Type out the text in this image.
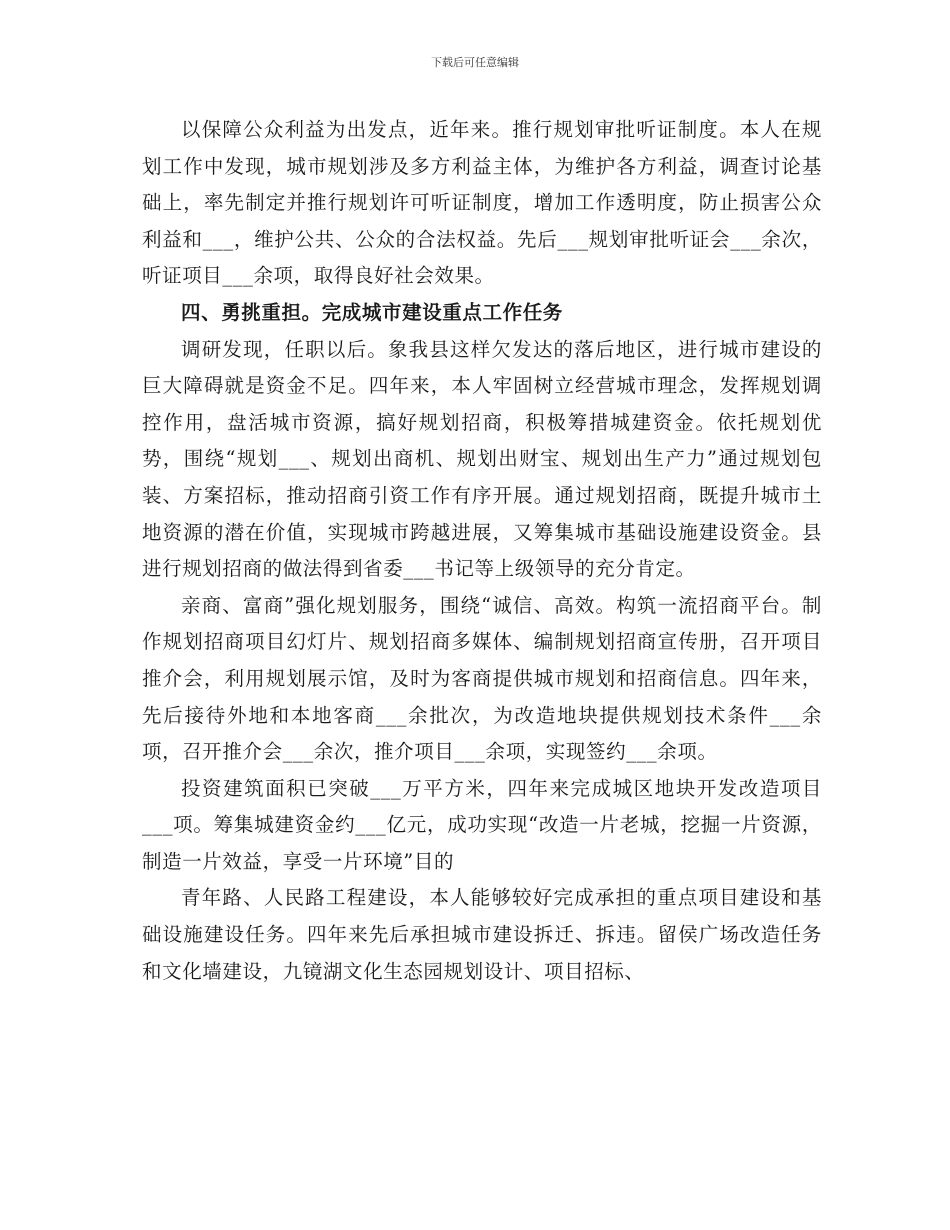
下载后可任意编辑

以保障公众利益为出发点，近年来。推行规划审批听证制度。本人在规划工作中发现，城市规划涉及多方利益主体，为维护各方利益，调查讨论基础上，率先制定并推行规划许可听证制度，增加工作透明度，防止损害公众利益和___，维护公共、公众的合法权益。先后___规划审批听证会___余次，听证项目___余项，取得良好社会效果。

四、勇挑重担。完成城市建设重点工作任务

调研发现，任职以后。象我县这样欠发达的落后地区，进行城市建设的巨大障碍就是资金不足。四年来，本人牢固树立经营城市理念，发挥规划调控作用，盘活城市资源，搞好规划招商，积极筹措城建资金。依托规划优势，围绕“规划___、规划出商机、规划出财宝、规划出生产力”通过规划包装、方案招标，推动招商引资工作有序开展。通过规划招商，既提升城市土地资源的潜在价值，实现城市跨越进展，又筹集城市基础设施建设资金。县进行规划招商的做法得到省委___书记等上级领导的充分肯定。

亲商、富商”强化规划服务，围绕“诚信、高效。构筑一流招商平台。制作规划招商项目幻灯片、规划招商多媒体、编制规划招商宣传册，召开项目推介会，利用规划展示馆，及时为客商提供城市规划和招商信息。四年来，先后接待外地和本地客商___余批次，为改造地块提供规划技术条件___余项，召开推介会___余次，推介项目___余项，实现签约___余项。

投资建筑面积已突破___万平方米，四年来完成城区地块开发改造项目___项。筹集城建资金约___亿元，成功实现“改造一片老城，挖掘一片资源，制造一片效益，享受一片环境”目的

青年路、人民路工程建设，本人能够较好完成承担的重点项目建设和基础设施建设任务。四年来先后承担城市建设拆迁、拆违。留侯广场改造任务和文化墙建设，九镜湖文化生态园规划设计、项目招标、
